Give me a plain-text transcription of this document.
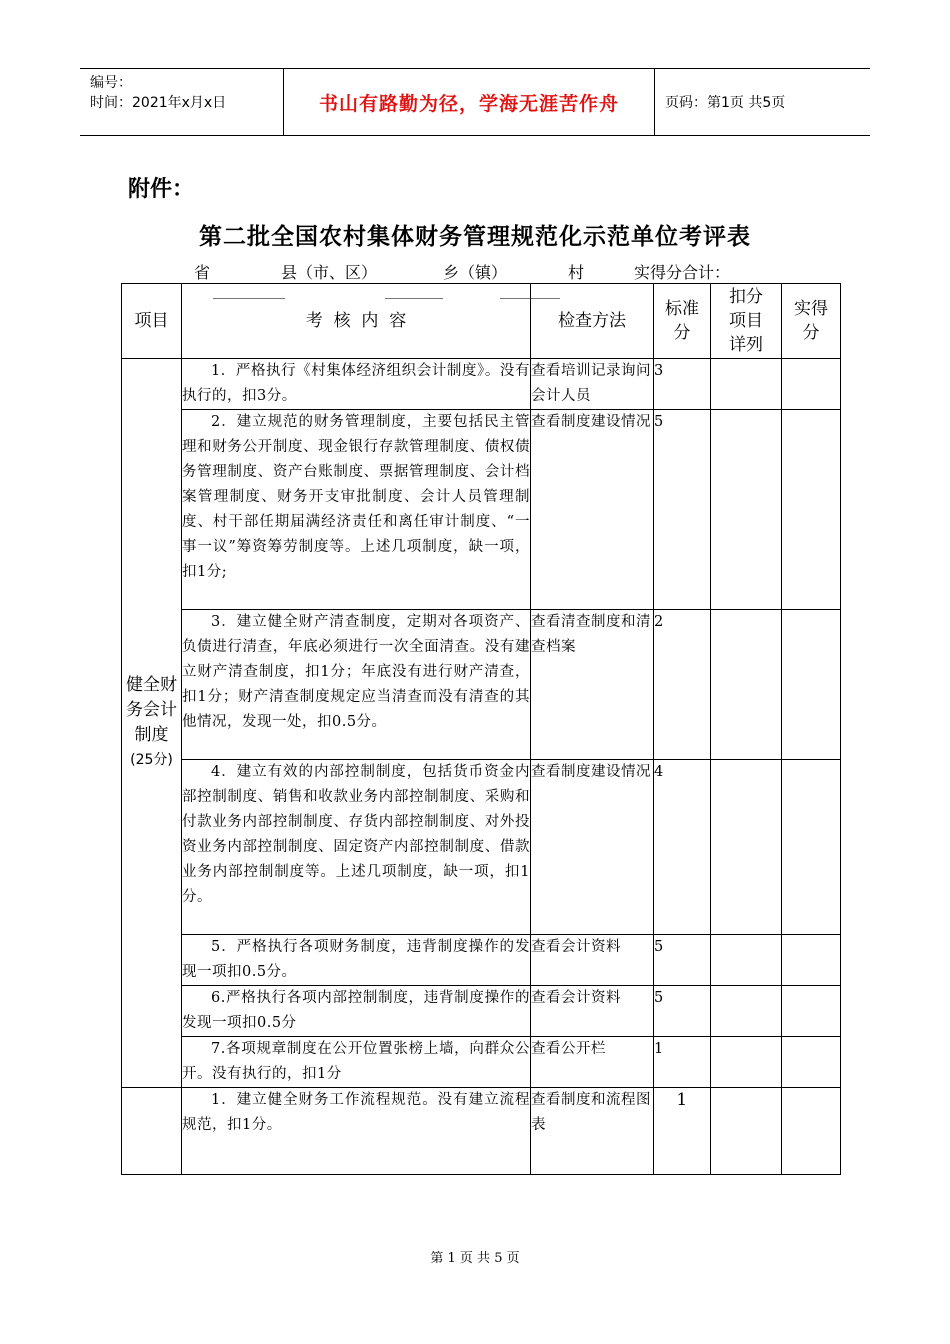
编号：
时间：2021年x月x日	书山有路勤为径，学海无涯苦作舟	页码：第1页 共5页
附件：
第二批全国农村集体财务管理规范化示范单位考评表
省	县（市、区）	乡（镇）	村	实得分合计：
项目	考  核  内  容	检查方法	标准分	扣分项目详列	实得分

健全财务会计制度
(25分)	1．严格执行《村集体经济组织会计制度》。没有执行的，扣3分。	查看培训记录询问会计人员	3		
	2．建立规范的财务管理制度，主要包括民主管理和财务公开制度、现金银行存款管理制度、债权债务管理制度、资产台账制度、票据管理制度、会计档案管理制度、财务开支审批制度、会计人员管理制度、村干部任期届满经济责任和离任审计制度、“一事一议”筹资筹劳制度等。上述几项制度，缺一项，扣1分;	查看制度建设情况	5		
	3．建立健全财产清查制度，定期对各项资产、负债进行清查，年底必须进行一次全面清查。没有建立财产清查制度，扣1分；年底没有进行财产清查，扣1分；财产清查制度规定应当清查而没有清查的其他情况，发现一处，扣0.5分。	查看清查制度和清查档案	2		
	4．建立有效的内部控制制度，包括货币资金内部控制制度、销售和收款业务内部控制制度、采购和付款业务内部控制制度、存货内部控制制度、对外投资业务内部控制制度、固定资产内部控制制度、借款业务内部控制制度等。上述几项制度，缺一项，扣1分。	查看制度建设情况	4		
	5．严格执行各项财务制度，违背制度操作的发现一项扣0.5分。	查看会计资料	5		
	6.严格执行各项内部控制制度，违背制度操作的发现一项扣0.5分	查看会计资料	5		
	7.各项规章制度在公开位置张榜上墙，向群众公开。没有执行的，扣1分	查看公开栏	1		
	1．建立健全财务工作流程规范。没有建立流程规范，扣1分。	查看制度和流程图表	1		
第 1 页 共 5 页
